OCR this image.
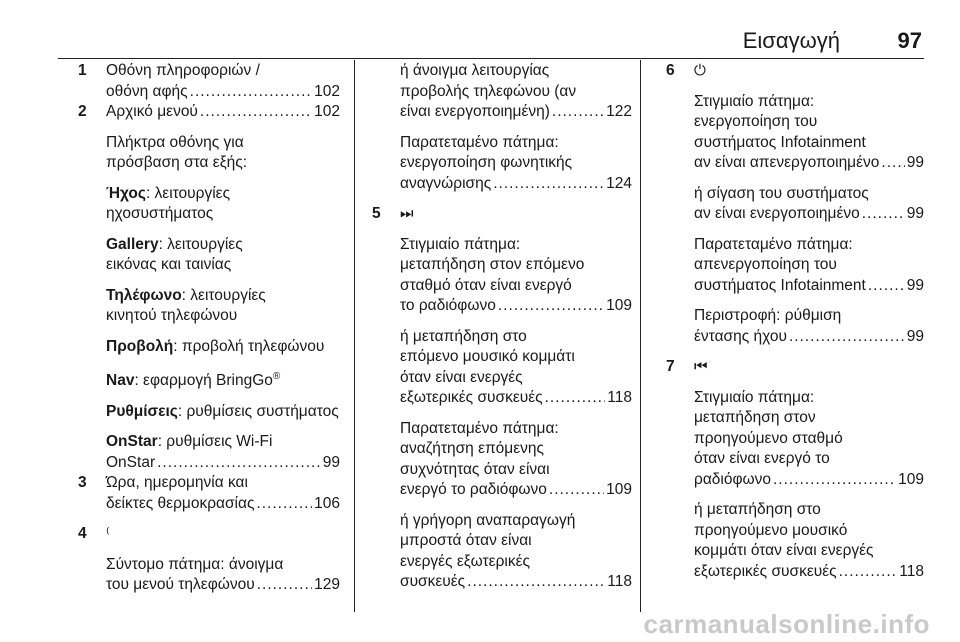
Εισαγωγή	97
1 Οθόνη πληροφοριών /
οθόνη αφής .....	102
2 Αρχικό μενού .....	102
Πλήκτρα οθόνης για
πρόσβαση στα εξής:
Ήχος: λειτουργίες
ηχοσυστήματος
Gallery: λειτουργίες
εικόνας και ταινίας
Τηλέφωνο: λειτουργίες
κινητού τηλεφώνου
Προβολή: προβολή τηλεφώνου
Nav: εφαρμογή BringGo®
Ρυθμίσεις: ρυθμίσεις συστήματος
OnStar: ρυθμίσεις Wi-Fi
OnStar .....	99
3 Ώρα, ημερομηνία και
δείκτες θερμοκρασίας .....	106
4 ⁽
Σύντομο πάτημα: άνοιγμα
του μενού τηλεφώνου .....	129
ή άνοιγμα λειτουργίας
προβολής τηλεφώνου (αν
είναι ενεργοποιημένη) .....	122
Παρατεταμένο πάτημα:
ενεργοποίηση φωνητικής
αναγνώρισης .....	124
5 ⏭
Στιγμιαίο πάτημα:
μεταπήδηση στον επόμενο
σταθμό όταν είναι ενεργό
το ραδιόφωνο .....	109
ή μεταπήδηση στο
επόμενο μουσικό κομμάτι
όταν είναι ενεργές
εξωτερικές συσκευές .....	118
Παρατεταμένο πάτημα:
αναζήτηση επόμενης
συχνότητας όταν είναι
ενεργό το ραδιόφωνο .....	109
ή γρήγορη αναπαραγωγή
μπροστά όταν είναι
ενεργές εξωτερικές
συσκευές .....	118
6 ⏻
Στιγμιαίο πάτημα:
ενεργοποίηση του
συστήματος Infotainment
αν είναι απενεργοποιημένο ..... 99
ή σίγαση του συστήματος
αν είναι ενεργοποιημένο .....	99
Παρατεταμένο πάτημα:
απενεργοποίηση του
συστήματος Infotainment .....	99
Περιστροφή: ρύθμιση
έντασης ήχου .....	99
7 ⏮
Στιγμιαίο πάτημα:
μεταπήδηση στον
προηγούμενο σταθμό
όταν είναι ενεργό το
ραδιόφωνο .....	109
ή μεταπήδηση στο
προηγούμενο μουσικό
κομμάτι όταν είναι ενεργές
εξωτερικές συσκευές .....	118
carmanualsonline.info
